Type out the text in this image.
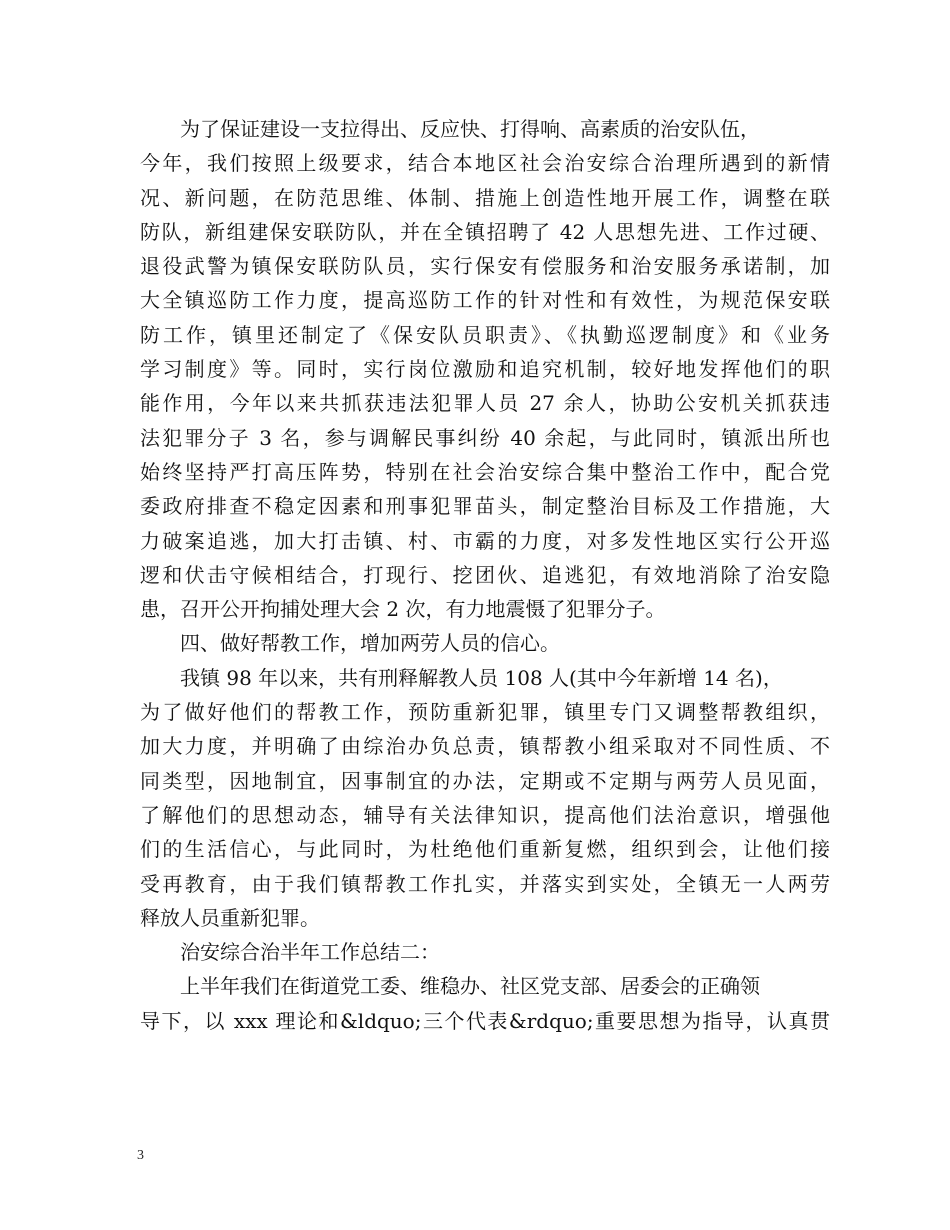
为了保证建设一支拉得出、反应快、打得响、高素质的治安队伍，
今年，我们按照上级要求，结合本地区社会治安综合治理所遇到的新情
况、新问题，在防范思维、体制、措施上创造性地开展工作，调整在联
防队，新组建保安联防队，并在全镇招聘了 42 人思想先进、工作过硬、
退役武警为镇保安联防队员，实行保安有偿服务和治安服务承诺制，加
大全镇巡防工作力度，提高巡防工作的针对性和有效性，为规范保安联
防工作，镇里还制定了《保安队员职责》、《执勤巡逻制度》和《业务
学习制度》等。同时，实行岗位激励和追究机制，较好地发挥他们的职
能作用，今年以来共抓获违法犯罪人员 27 余人，协助公安机关抓获违
法犯罪分子 3 名，参与调解民事纠纷 40 余起，与此同时，镇派出所也
始终坚持严打高压阵势，特别在社会治安综合集中整治工作中，配合党
委政府排查不稳定因素和刑事犯罪苗头，制定整治目标及工作措施，大
力破案追逃，加大打击镇、村、市霸的力度，对多发性地区实行公开巡
逻和伏击守候相结合，打现行、挖团伙、追逃犯，有效地消除了治安隐
患，召开公开拘捕处理大会 2 次，有力地震慑了犯罪分子。
四、做好帮教工作，增加两劳人员的信心。
我镇 98 年以来，共有刑释解教人员 108 人(其中今年新增 14 名)，
为了做好他们的帮教工作，预防重新犯罪，镇里专门又调整帮教组织，
加大力度，并明确了由综治办负总责，镇帮教小组采取对不同性质、不
同类型，因地制宜，因事制宜的办法，定期或不定期与两劳人员见面，
了解他们的思想动态，辅导有关法律知识，提高他们法治意识，增强他
们的生活信心，与此同时，为杜绝他们重新复燃，组织到会，让他们接
受再教育，由于我们镇帮教工作扎实，并落实到实处，全镇无一人两劳
释放人员重新犯罪。
治安综合治半年工作总结二：
上半年我们在街道党工委、维稳办、社区党支部、居委会的正确领
导下，以 xxx 理论和&ldquo;三个代表&rdquo;重要思想为指导，认真贯
3
